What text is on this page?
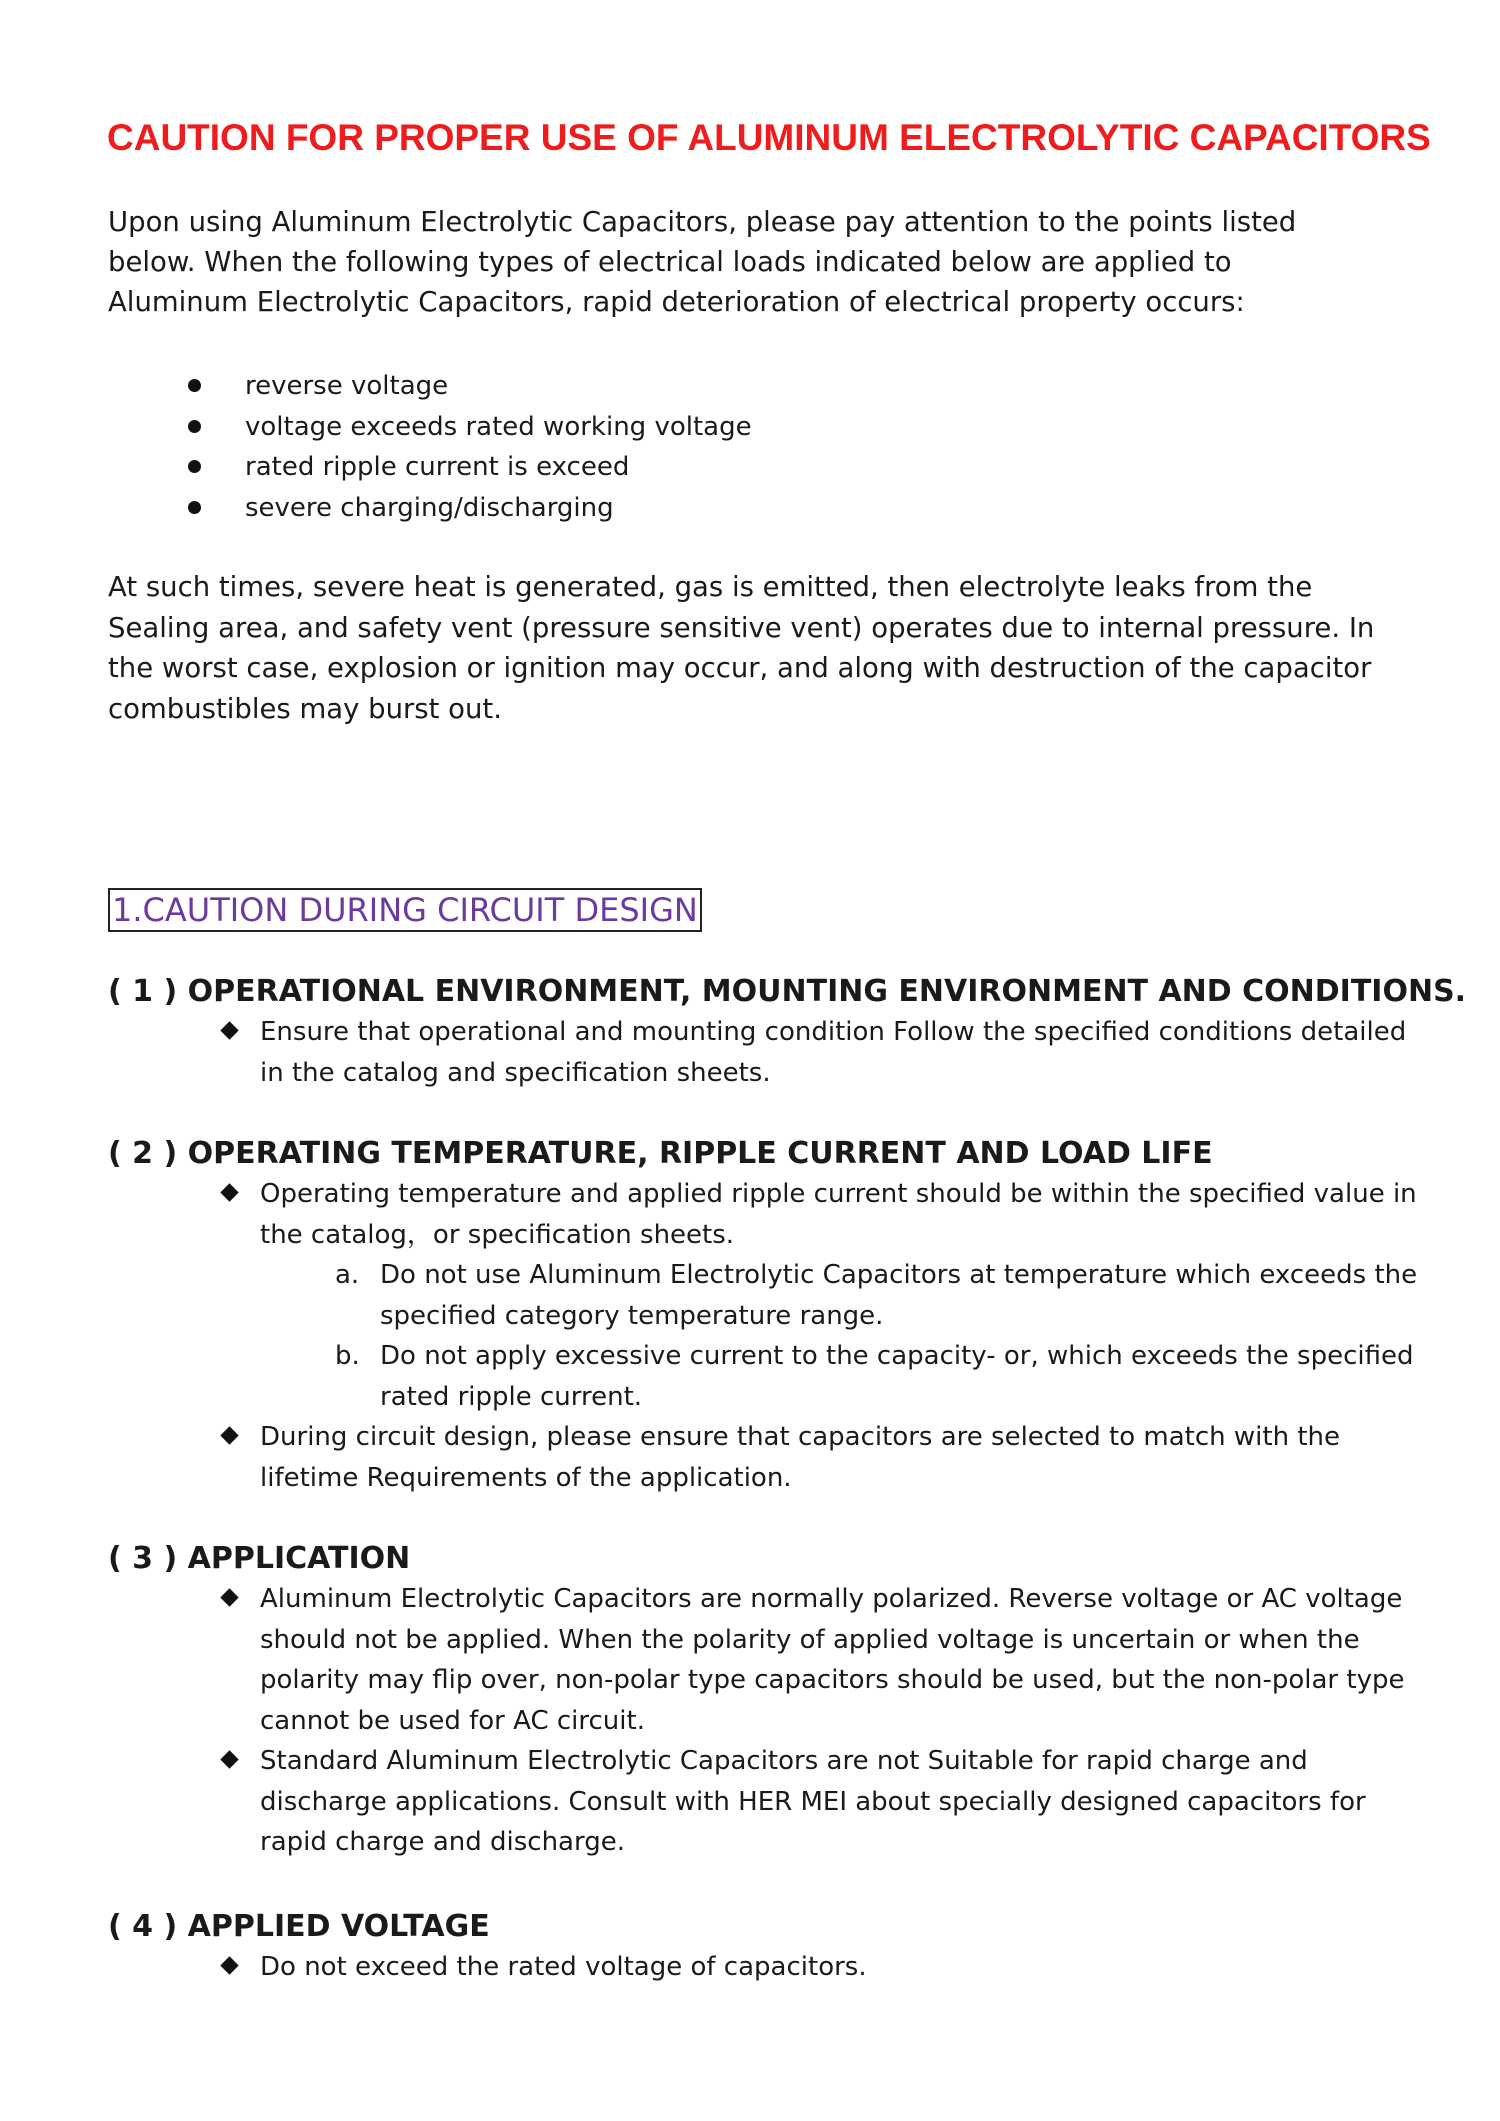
CAUTION FOR PROPER USE OF ALUMINUM ELECTROLYTIC CAPACITORS

Upon using Aluminum Electrolytic Capacitors, please pay attention to the points listed below. When the following types of electrical loads indicated below are applied to Aluminum Electrolytic Capacitors, rapid deterioration of electrical property occurs:

reverse voltage
voltage exceeds rated working voltage
rated ripple current is exceed
severe charging/discharging

At such times, severe heat is generated, gas is emitted, then electrolyte leaks from the Sealing area, and safety vent (pressure sensitive vent) operates due to internal pressure. In the worst case, explosion or ignition may occur, and along with destruction of the capacitor combustibles may burst out.

1.CAUTION DURING CIRCUIT DESIGN
( 1 ) OPERATIONAL ENVIRONMENT, MOUNTING ENVIRONMENT AND CONDITIONS.
Ensure that operational and mounting condition Follow the specified conditions detailed in the catalog and specification sheets.
( 2 ) OPERATING TEMPERATURE, RIPPLE CURRENT AND LOAD LIFE
Operating temperature and applied ripple current should be within the specified value in the catalog，or specification sheets.
a. Do not use Aluminum Electrolytic Capacitors at temperature which exceeds the specified category temperature range.
b. Do not apply excessive current to the capacity- or, which exceeds the specified rated ripple current.
During circuit design, please ensure that capacitors are selected to match with the lifetime Requirements of the application.
( 3 ) APPLICATION
Aluminum Electrolytic Capacitors are normally polarized. Reverse voltage or AC voltage should not be applied. When the polarity of applied voltage is uncertain or when the polarity may flip over, non-polar type capacitors should be used, but the non-polar type cannot be used for AC circuit.
Standard Aluminum Electrolytic Capacitors are not Suitable for rapid charge and discharge applications. Consult with HER MEI about specially designed capacitors for rapid charge and discharge.
( 4 ) APPLIED VOLTAGE
Do not exceed the rated voltage of capacitors.
